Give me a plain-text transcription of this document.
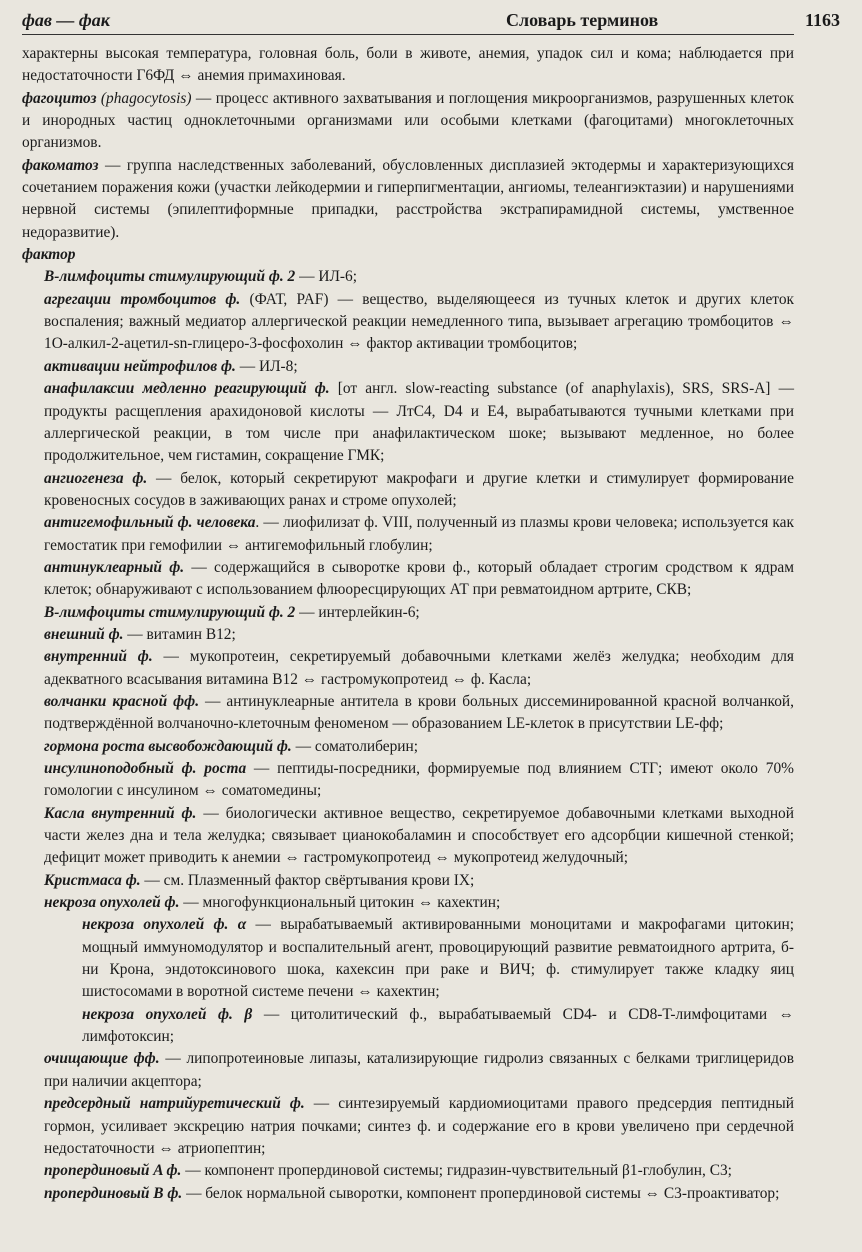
фав — фак	Словарь терминов	1163

характерны высокая температура, головная боль, боли в животе, анемия, упадок сил и кома; наблюдается при недостаточности Г6ФД ⇔ анемия примахиновая.

фагоцитоз (phagocytosis) — процесс активного захватывания и поглощения микроорганизмов, разрушенных клеток и инородных частиц одноклеточными организмами или особыми клетками (фагоцитами) многоклеточных организмов.

факоматоз — группа наследственных заболеваний, обусловленных дисплазией эктодермы и характеризующихся сочетанием поражения кожи (участки лейкодермии и гиперпигментации, ангиомы, телеангиэктазии) и нарушениями нервной системы (эпилептиформные припадки, расстройства экстрапирамидной системы, умственное недоразвитие).

фактор

B-лимфоциты стимулирующий ф. 2 — ИЛ-6;

агрегации тромбоцитов ф. (ФАТ, PAF) — вещество, выделяющееся из тучных клеток и других клеток воспаления; важный медиатор аллергической реакции немедленного типа, вызывает агрегацию тромбоцитов ⇔ 1О-алкил-2-ацетил-sn-глицеро-3-фосфохолин ⇔ фактор активации тромбоцитов;

активации нейтрофилов ф. — ИЛ-8;

анафилаксии медленно реагирующий ф. [от англ. slow-reacting substance (of anaphylaxis), SRS, SRS-A] — продукты расщепления арахидоновой кислоты — ЛтC4, D4 и E4, вырабатываются тучными клетками при аллергической реакции, в том числе при анафилактическом шоке; вызывают медленное, но более продолжительное, чем гистамин, сокращение ГМК;

ангиогенеза ф. — белок, который секретируют макрофаги и другие клетки и стимулирует формирование кровеносных сосудов в заживающих ранах и строме опухолей;

антигемофильный ф. человека. — лиофилизат ф. VIII, полученный из плазмы крови человека; используется как гемостатик при гемофилии ⇔ антигемофильный глобулин;

антинуклеарный ф. — содержащийся в сыворотке крови ф., который обладает строгим сродством к ядрам клеток; обнаруживают с использованием флюоресцирующих АТ при ревматоидном артрите, СКВ;

B-лимфоциты стимулирующий ф. 2 — интерлейкин-6;

внешний ф. — витамин B12;

внутренний ф. — мукопротеин, секретируемый добавочными клетками желёз желудка; необходим для адекватного всасывания витамина B12 ⇔ гастромукопротеид ⇔ ф. Касла;

волчанки красной фф. — антинуклеарные антитела в крови больных диссеминированной красной волчанкой, подтверждённой волчаночно-клеточным феноменом — образованием LE-клеток в присутствии LE-фф;

гормона роста высвобождающий ф. — соматолиберин;

инсулиноподобный ф. роста — пептиды-посредники, формируемые под влиянием СТГ; имеют около 70% гомологии с инсулином ⇔ соматомедины;

Касла внутренний ф. — биологически активное вещество, секретируемое добавочными клетками выходной части желез дна и тела желудка; связывает цианокобаламин и способствует его адсорбции кишечной стенкой; дефицит может приводить к анемии ⇔ гастромукопротеид ⇔ мукопротеид желудочный;

Кристмаса ф. — см. Плазменный фактор свёртывания крови IX;

некроза опухолей ф. — многофункциональный цитокин ⇔ кахектин;

некроза опухолей ф. α — вырабатываемый активированными моноцитами и макрофагами цитокин; мощный иммуномодулятор и воспалительный агент, провоцирующий развитие ревматоидного артрита, б-ни Крона, эндотоксинового шока, кахексин при раке и ВИЧ; ф. стимулирует также кладку яиц шистосомами в воротной системе печени ⇔ кахектин;

некроза опухолей ф. β — цитолитический ф., вырабатываемый CD4- и CD8-T-лимфоцитами ⇔ лимфотоксин;

очищающие фф. — липопротеиновые липазы, катализирующие гидролиз связанных с белками триглицеридов при наличии акцептора;

предсердный натрийуретический ф. — синтезируемый кардиомиоцитами правого предсердия пептидный гормон, усиливает экскрецию натрия почками; синтез ф. и содержание его в крови увеличено при сердечной недостаточности ⇔ атриопептин;

пропердиновый A ф. — компонент пропердиновой системы; гидразин-чувствительный β1-глобулин, C3;

пропердиновый B ф. — белок нормальной сыворотки, компонент пропердиновой системы ⇔ C3-проактиватор;
